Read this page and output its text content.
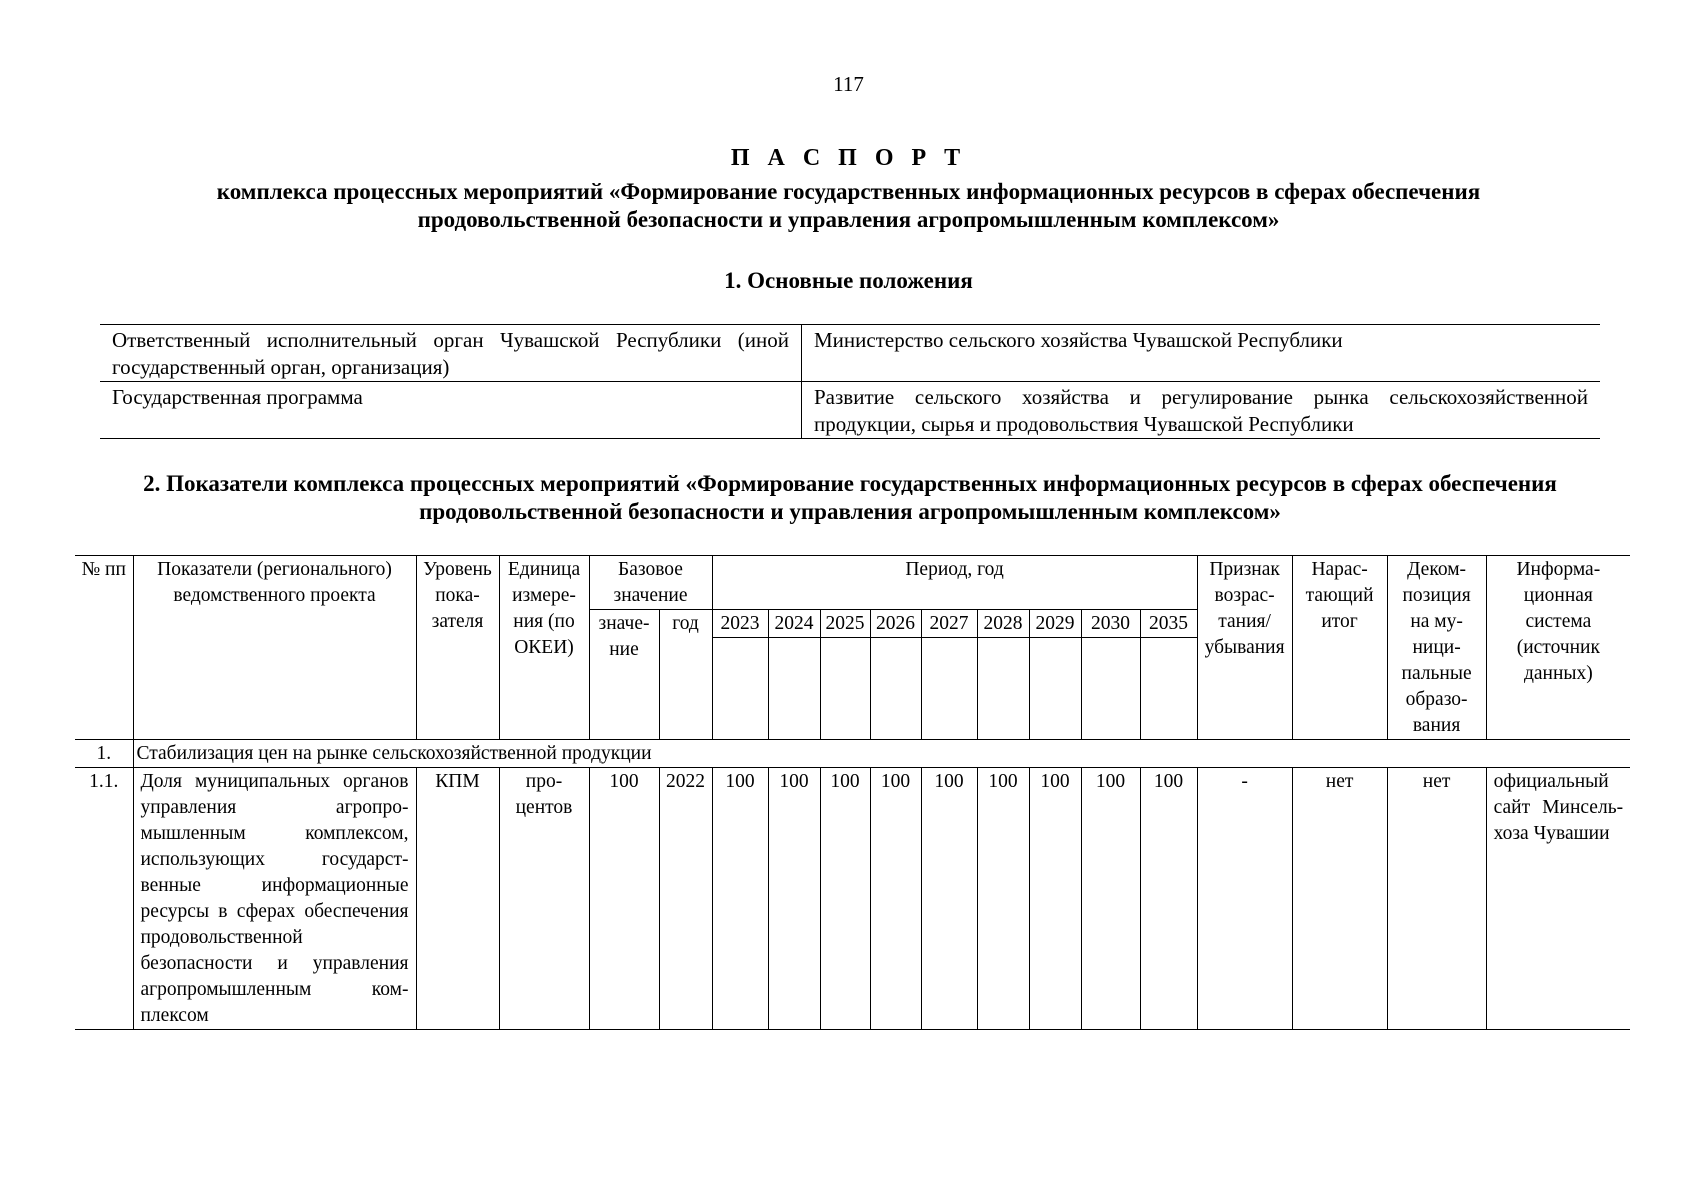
117
П А С П О Р Т
комплекса процессных мероприятий «Формирование государственных информационных ресурсов в сферах обеспечения продовольственной безопасности и управления агропромышленным комплексом»
1. Основные положения
Ответственный исполнительный орган Чувашской Республики (иной государственный орган, организация)	Министерство сельского хозяйства Чувашской Республики
Государственная программа	Развитие сельского хозяйства и регулирование рынка сельскохозяйственной продукции, сырья и продовольствия Чувашской Республики
2. Показатели комплекса процессных мероприятий «Формирование государственных информационных ресурсов в сферах обеспечения продовольственной безопасности и управления агропромышленным комплексом»
№ пп	Показатели (регионального) ведомственного проекта	Уровень показателя	Единица измерения (по ОКЕИ)	Базовое значение		Период, год									Признак возрастания/ убывания	Нарастающий итог	Декомпозиция на муниципальные образования	Информационная система (источник данных)
				значение	год	2023	2024	2025	2026	2027	2028	2029	2030	2035				

1.	Стабилизация цен на рынке сельскохозяйственной продукции																	
1.1.	Доля муниципальных органов управления агропромышленным комплексом, использующих государственные информационные ресурсы в сферах обеспечения продовольственной безопасности и управления агропромышленным комплексом	КПМ	процентов	100	2022	100	100	100	100	100	100	100	100	100	-	нет	нет	официальный сайт Минсельхоза Чувашии
